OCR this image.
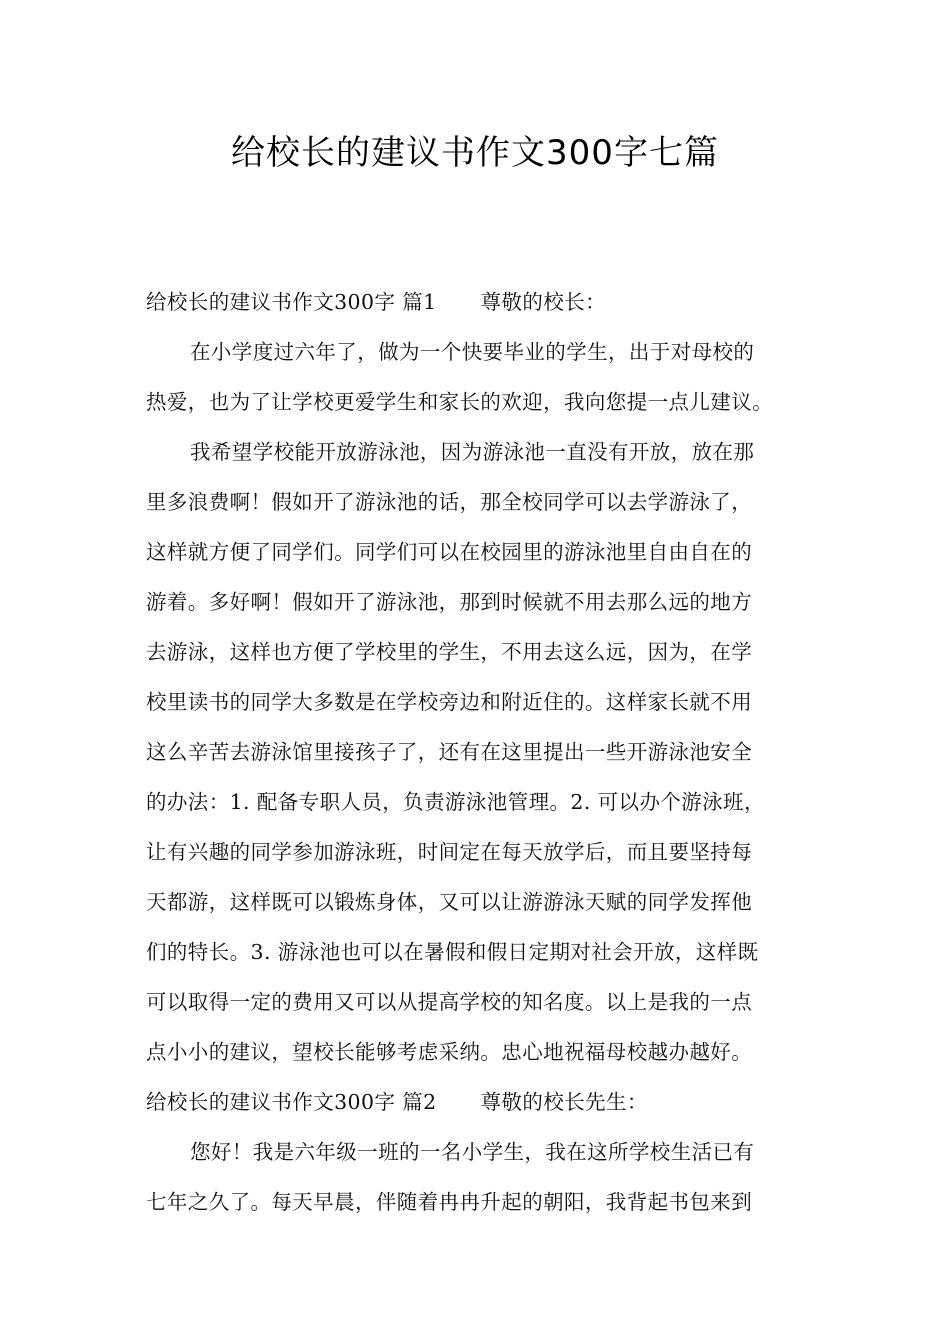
给校长的建议书作文300字七篇
给校长的建议书作文300字 篇1 尊敬的校长：
在小学度过六年了，做为一个快要毕业的学生，出于对母校的
热爱，也为了让学校更爱学生和家长的欢迎，我向您提一点儿建议。
我希望学校能开放游泳池，因为游泳池一直没有开放，放在那
里多浪费啊！假如开了游泳池的话，那全校同学可以去学游泳了，
这样就方便了同学们。同学们可以在校园里的游泳池里自由自在的
游着。多好啊！假如开了游泳池，那到时候就不用去那么远的地方
去游泳，这样也方便了学校里的学生，不用去这么远，因为，在学
校里读书的同学大多数是在学校旁边和附近住的。这样家长就不用
这么辛苦去游泳馆里接孩子了，还有在这里提出一些开游泳池安全
的办法：1. 配备专职人员，负责游泳池管理。2. 可以办个游泳班，
让有兴趣的同学参加游泳班，时间定在每天放学后，而且要坚持每
天都游，这样既可以锻炼身体，又可以让游游泳天赋的同学发挥他
们的特长。3. 游泳池也可以在暑假和假日定期对社会开放，这样既
可以取得一定的费用又可以从提高学校的知名度。以上是我的一点
点小小的建议，望校长能够考虑采纳。忠心地祝福母校越办越好。
给校长的建议书作文300字 篇2 尊敬的校长先生：
您好！我是六年级一班的一名小学生，我在这所学校生活已有
七年之久了。每天早晨，伴随着冉冉升起的朝阳，我背起书包来到
